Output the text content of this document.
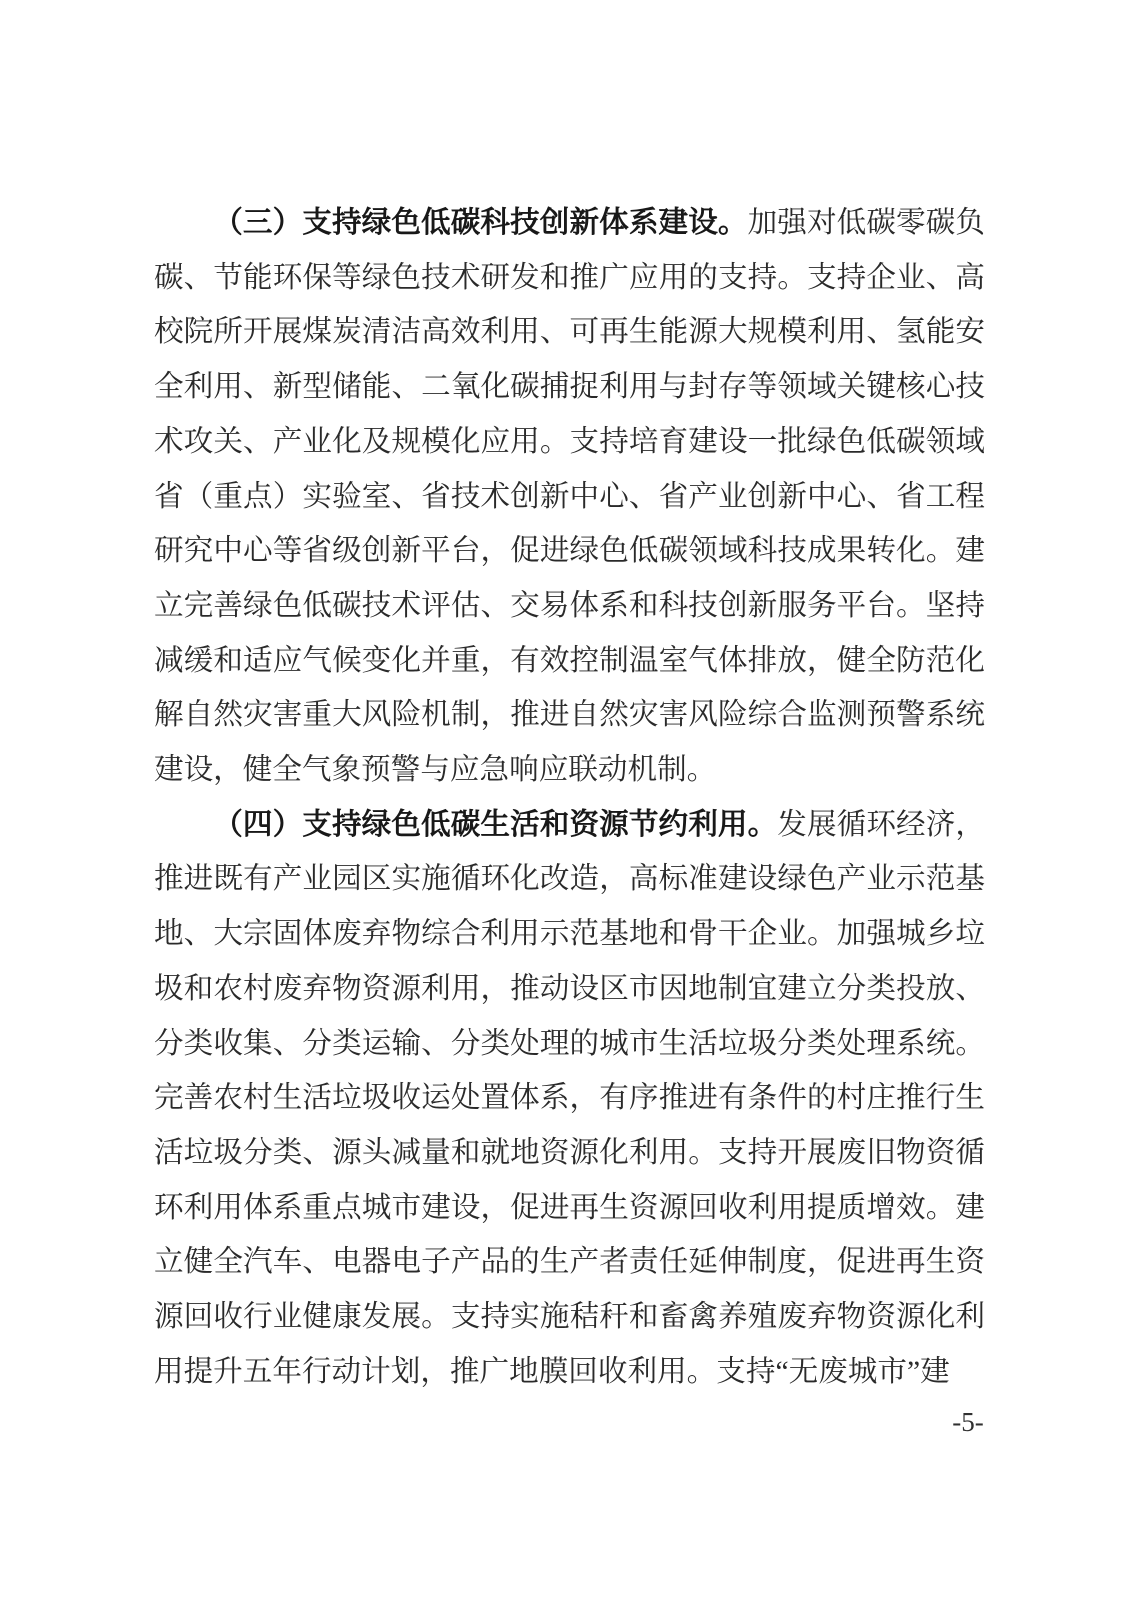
（三）支持绿色低碳科技创新体系建设。加强对低碳零碳负碳、节能环保等绿色技术研发和推广应用的支持。支持企业、高校院所开展煤炭清洁高效利用、可再生能源大规模利用、氢能安全利用、新型储能、二氧化碳捕捉利用与封存等领域关键核心技术攻关、产业化及规模化应用。支持培育建设一批绿色低碳领域省（重点）实验室、省技术创新中心、省产业创新中心、省工程研究中心等省级创新平台，促进绿色低碳领域科技成果转化。建立完善绿色低碳技术评估、交易体系和科技创新服务平台。坚持减缓和适应气候变化并重，有效控制温室气体排放，健全防范化解自然灾害重大风险机制，推进自然灾害风险综合监测预警系统建设，健全气象预警与应急响应联动机制。

（四）支持绿色低碳生活和资源节约利用。发展循环经济，推进既有产业园区实施循环化改造，高标准建设绿色产业示范基地、大宗固体废弃物综合利用示范基地和骨干企业。加强城乡垃圾和农村废弃物资源利用，推动设区市因地制宜建立分类投放、分类收集、分类运输、分类处理的城市生活垃圾分类处理系统。完善农村生活垃圾收运处置体系，有序推进有条件的村庄推行生活垃圾分类、源头减量和就地资源化利用。支持开展废旧物资循环利用体系重点城市建设，促进再生资源回收利用提质增效。建立健全汽车、电器电子产品的生产者责任延伸制度，促进再生资源回收行业健康发展。支持实施秸秆和畜禽养殖废弃物资源化利用提升五年行动计划，推广地膜回收利用。支持“无废城市”建

-5-
